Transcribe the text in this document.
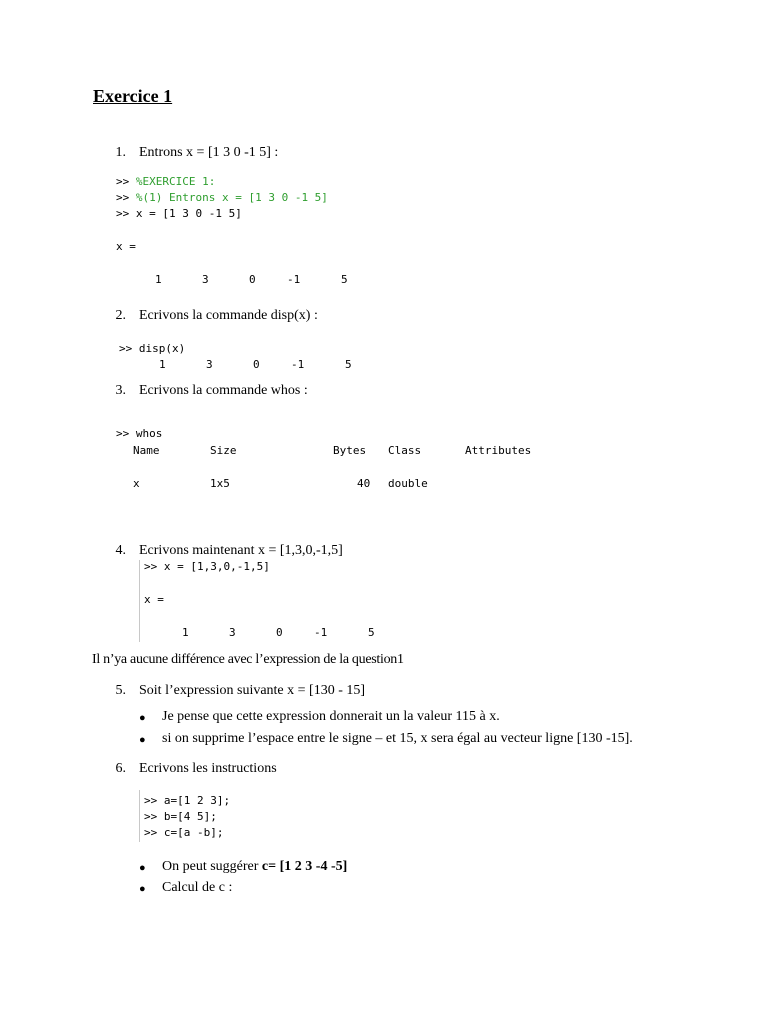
Exercice 1
1. Entrons x = [1 3 0 -1 5] :
>> %EXERCICE 1:
>> %(1) Entrons x = [1 3 0 -1 5]
>> x = [1 3 0 -1 5]
x =
1	3	0	-1	5
2. Ecrivons la commande disp(x) :
>> disp(x)
1	3	0	-1	5
3. Ecrivons la commande whos :
>> whos
Name	Size	Bytes Class	Attributes
x	1x5	40 double
4. Ecrivons maintenant x = [1,3,0,-1,5]
>> x = [1,3,0,-1,5]
x =
1	3	0	-1	5
Il n’ya aucune différence avec l’expression de la question1
5. Soit l’expression suivante x = [130 - 15]
● Je pense que cette expression donnerait un la valeur 115 à x.
● si on supprime l’espace entre le signe – et 15, x sera égal au vecteur ligne [130 -15].
6. Ecrivons les instructions
>> a=[1 2 3];
>> b=[4 5];
>> c=[a -b];
● On peut suggérer c= [1 2 3 -4 -5]
● Calcul de c :
